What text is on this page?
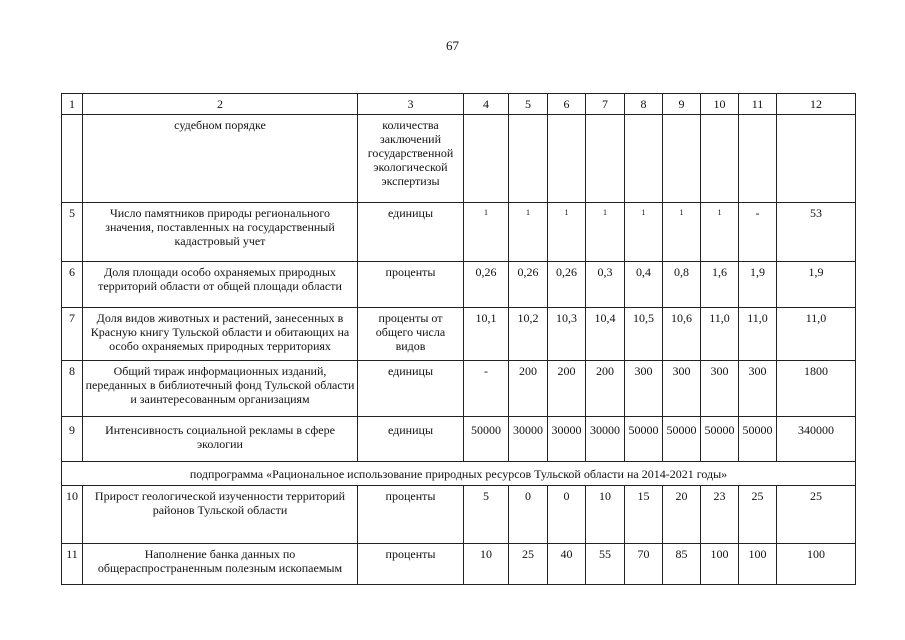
67
1	2	3	4	5	6	7	8	9	10	11	12
	судебном порядке	количества заключений государственной экологической экспертизы									
5	Число памятников природы регионального значения, поставленных на государственный кадастровый учет	единицы	1	1	1	1	1	1	1	-	53
6	Доля площади особо охраняемых природных территорий области от общей площади области	проценты	0,26	0,26	0,26	0,3	0,4	0,8	1,6	1,9	1,9
7	Доля видов животных и растений, занесенных в Красную книгу Тульской области и обитающих на особо охраняемых природных территориях	проценты от общего числа видов	10,1	10,2	10,3	10,4	10,5	10,6	11,0	11,0	11,0
8	Общий тираж информационных изданий, переданных в библиотечный фонд Тульской области и заинтересованным организациям	единицы	-	200	200	200	300	300	300	300	1800
9	Интенсивность социальной рекламы в сфере экологии	единицы	50000	30000	30000	30000	50000	50000	50000	50000	340000
подпрограмма «Рациональное использование природных ресурсов Тульской области на 2014-2021 годы»											
10	Прирост геологической изученности территорий районов Тульской области	проценты	5	0	0	10	15	20	23	25	25
11	Наполнение банка данных по общераспространенным полезным ископаемым	проценты	10	25	40	55	70	85	100	100	100
